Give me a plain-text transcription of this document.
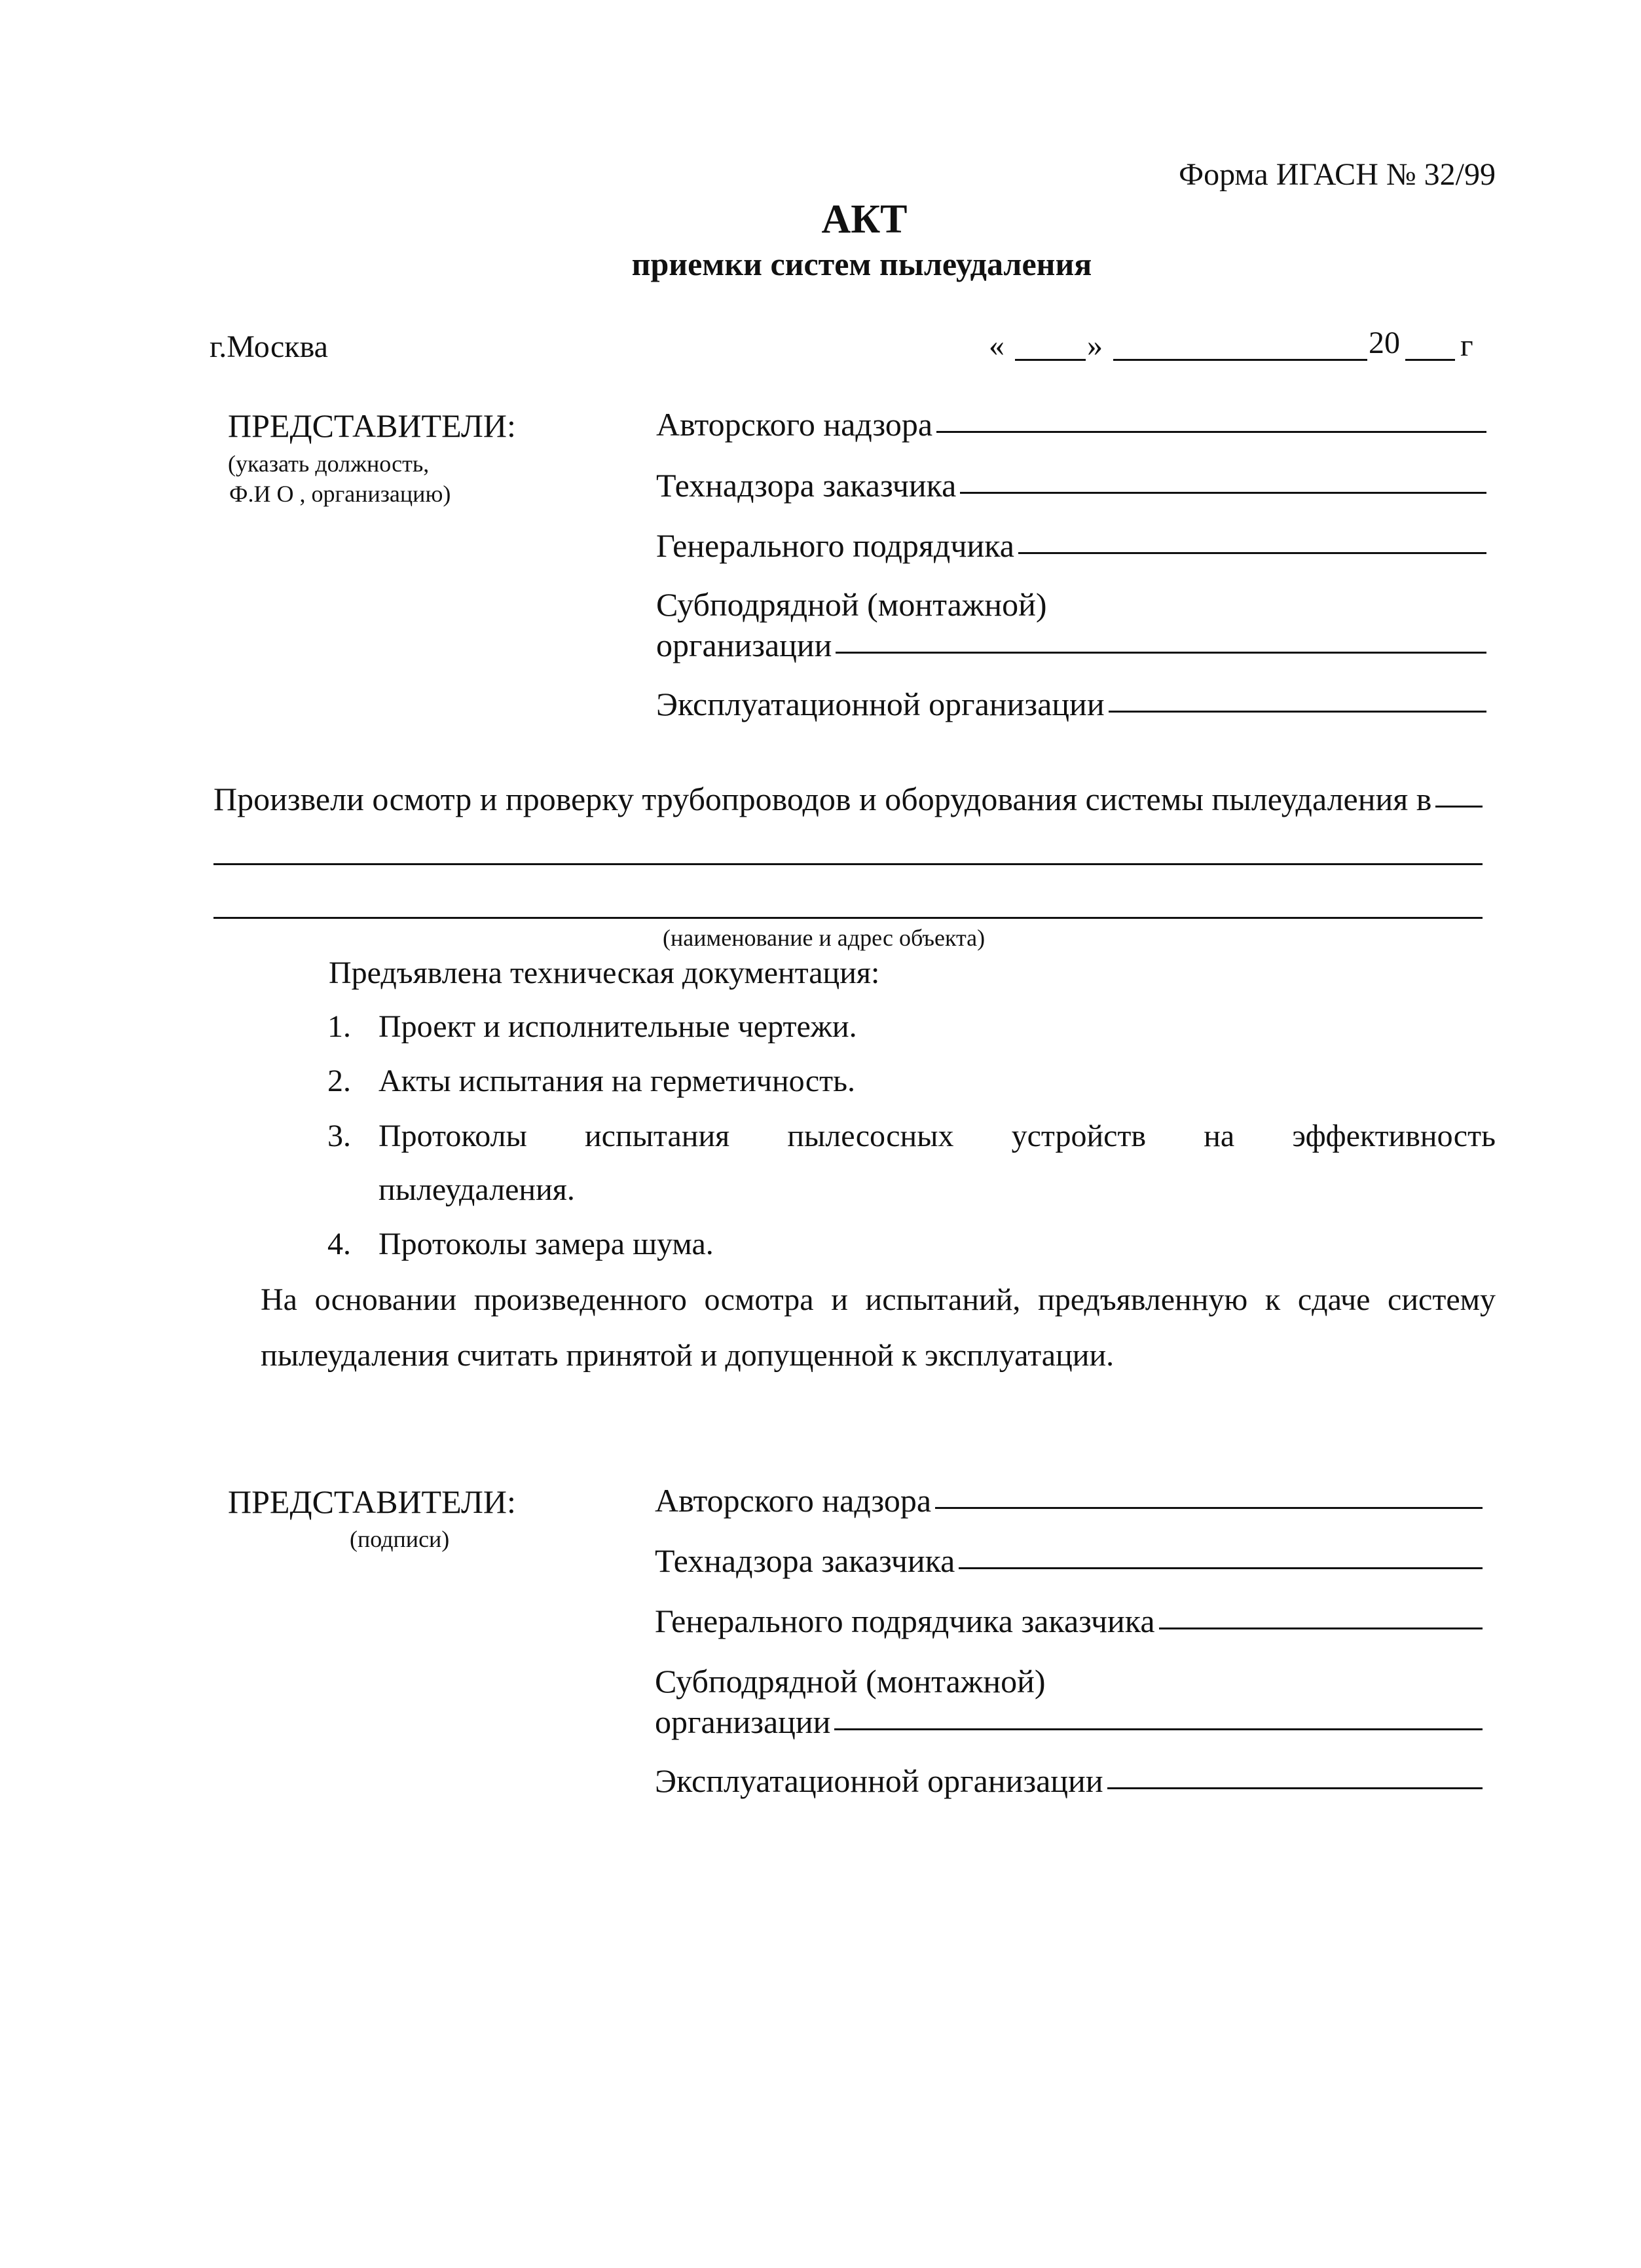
Форма ИГАСН № 32/99
АКТ
приемки систем пылеудаления
г.Москва	«	»	20 г
ПРЕДСТАВИТЕЛИ:
(указать должность,
Ф.И О , организацию)
Авторского надзора
Технадзора заказчика
Генерального подрядчика
Субподрядной (монтажной)
организации
Эксплуатационной организации
Произвели осмотр и проверку трубопроводов и оборудования системы пылеудаления в
(наименование и адрес объекта)
Предъявлена техническая документация:
1. Проект и исполнительные чертежи.
2. Акты испытания на герметичность.
3. Протоколы испытания пылесосных устройств на эффективность
пылеудаления.
4. Протоколы замера шума.
На основании произведенного осмотра и испытаний, предъявленную к сдаче систему
пылеудаления считать принятой и допущенной к эксплуатации.
ПРЕДСТАВИТЕЛИ:
(подписи)
Авторского надзора
Технадзора заказчика
Генерального подрядчика заказчика
Субподрядной (монтажной)
организации
Эксплуатационной организации
